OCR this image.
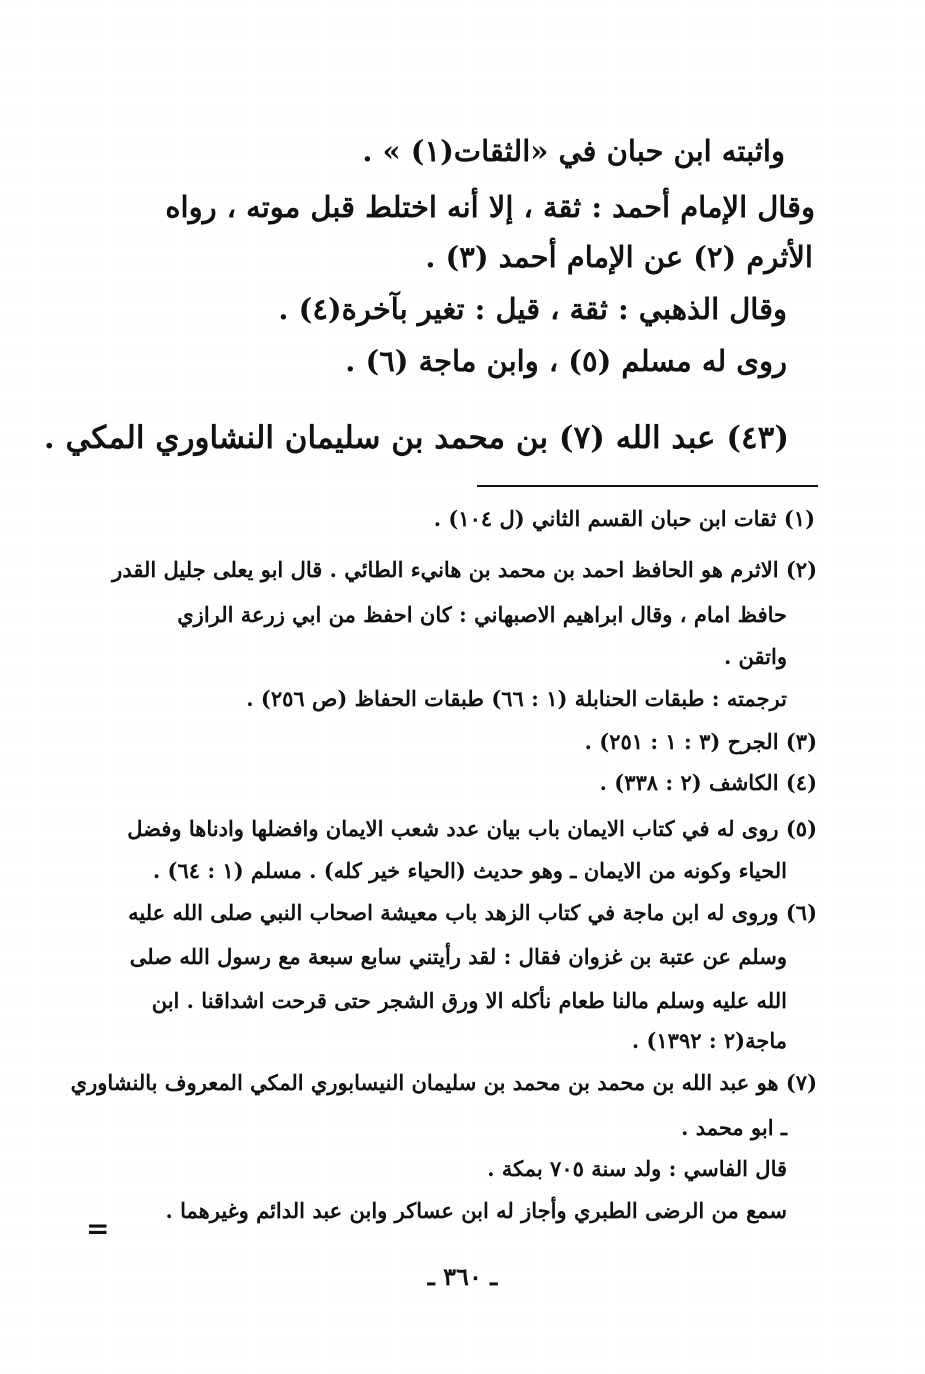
واثبته ابن حبان في «الثقات(١) » .
وقال الإمام أحمد : ثقة ، إلا أنه اختلط قبل موته ، رواه
الأثرم (٢) عن الإمام أحمد (٣) .
وقال الذهبي : ثقة ، قيل : تغير بآخرة(٤) .
روى له مسلم (٥) ، وابن ماجة (٦) .
(٤٣) عبد الله (٧) بن محمد بن سليمان النشاوري المكي .
(١) ثقات ابن حبان القسم الثاني (ل ١٠٤) .
(٢) الاثرم هو الحافظ احمد بن محمد بن هانيء الطائي . قال ابو يعلى جليل القدر
حافظ امام ، وقال ابراهيم الاصبهاني : كان احفظ من ابي زرعة الرازي
واتقن .
ترجمته : طبقات الحنابلة (١ : ٦٦) طبقات الحفاظ (ص ٢٥٦) .
(٣) الجرح (٣ : ١ : ٢٥١) .
(٤) الكاشف (٢ : ٣٣٨) .
(٥) روى له في كتاب الايمان باب بيان عدد شعب الايمان وافضلها وادناها وفضل
الحياء وكونه من الايمان ـ وهو حديث (الحياء خير كله) . مسلم (١ : ٦٤) .
(٦) وروى له ابن ماجة في كتاب الزهد باب معيشة اصحاب النبي صلى الله عليه
وسلم عن عتبة بن غزوان فقال : لقد رأيتني سابع سبعة مع رسول الله صلى
الله عليه وسلم مالنا طعام نأكله الا ورق الشجر حتى قرحت اشداقنا . ابن
ماجة(٢ : ١٣٩٢) .
(٧) هو عبد الله بن محمد بن محمد بن سليمان النيسابوري المكي المعروف بالنشاوري
ـ ابو محمد .
قال الفاسي : ولد سنة ٧٠٥ بمكة .
سمع من الرضى الطبري وأجاز له ابن عساكر وابن عبد الدائم وغيرهما .
=
ـ ٣٦٠ ـ
